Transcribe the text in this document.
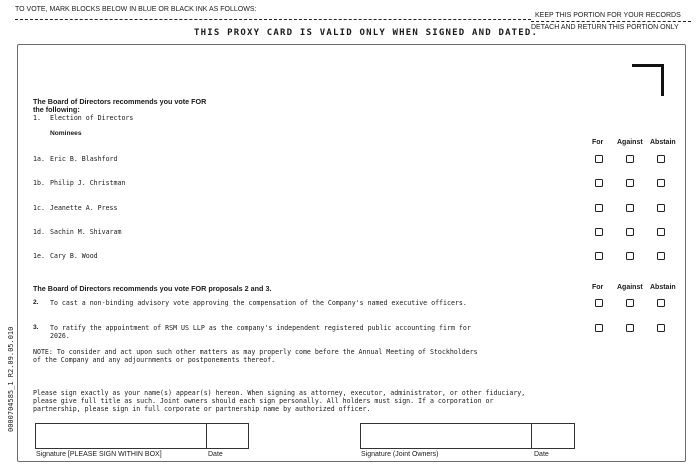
TO VOTE, MARK BLOCKS BELOW IN BLUE OR BLACK INK AS FOLLOWS:
KEEP THIS PORTION FOR YOUR RECORDS
DETACH AND RETURN THIS PORTION ONLY
THIS PROXY CARD IS VALID ONLY WHEN SIGNED AND DATED.
0000704585_1 R2.09.05.010
The Board of Directors recommends you vote FOR
the following:
1. Election of Directors
Nominees
For Against Abstain
1a. Eric B. Blashford
1b. Philip J. Christman
1c. Jeanette A. Press
1d. Sachin M. Shivaram
1e. Cary B. Wood
The Board of Directors recommends you vote FOR proposals 2 and 3.	For Against Abstain
2. To cast a non-binding advisory vote approving the compensation of the Company's named executive officers.
3. To ratify the appointment of RSM US LLP as the company's independent registered public accounting firm for
2026.
NOTE: To consider and act upon such other matters as may properly come before the Annual Meeting of Stockholders
of the Company and any adjournments or postponements thereof.
Please sign exactly as your name(s) appear(s) hereon. When signing as attorney, executor, administrator, or other fiduciary,
please give full title as such. Joint owners should each sign personally. All holders must sign. If a corporation or
partnership, please sign in full corporate or partnership name by authorized officer.
Signature [PLEASE SIGN WITHIN BOX]	Date	Signature (Joint Owners)	Date
